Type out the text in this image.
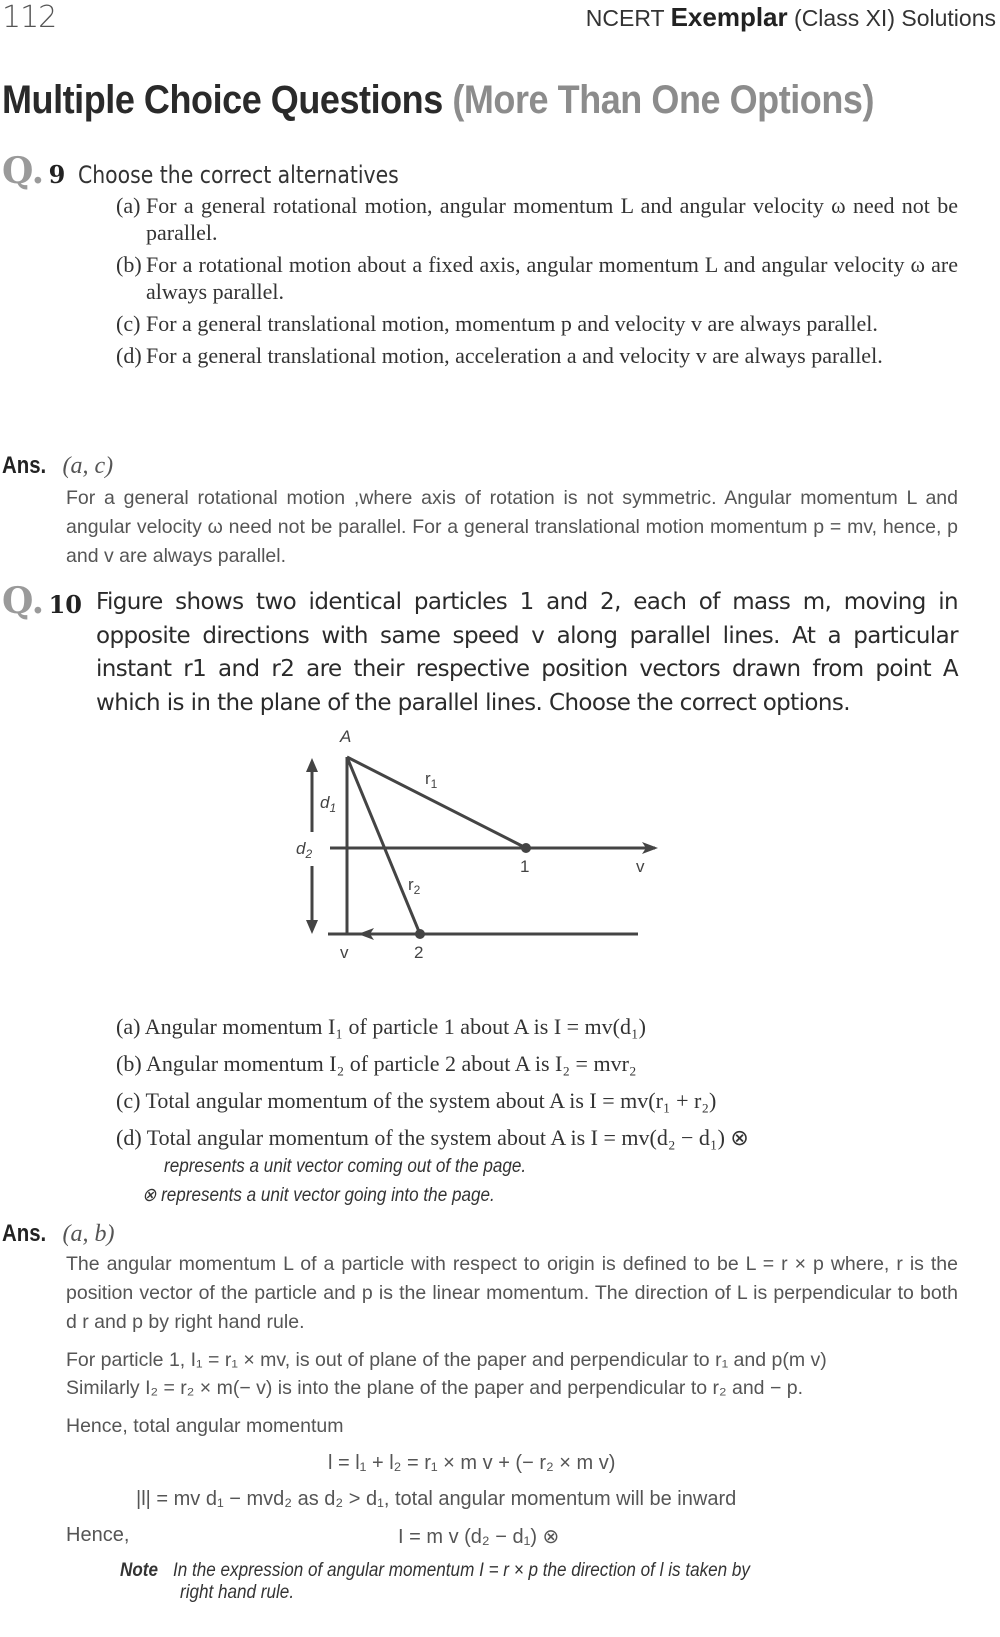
112	NCERT Exemplar (Class XI) Solutions
Multiple Choice Questions (More Than One Options)
Q. 9 Choose the correct alternatives
(a) For a general rotational motion, angular momentum L and angular velocity ω need not be parallel.
(b) For a rotational motion about a fixed axis, angular momentum L and angular velocity ω are always parallel.
(c) For a general translational motion, momentum p and velocity v are always parallel.
(d) For a general translational motion, acceleration a and velocity v are always parallel.
Ans. (a, c)
For a general rotational motion ,where axis of rotation is not symmetric. Angular momentum L and angular velocity ω need not be parallel. For a general translational motion momentum p = mv, hence, p and v are always parallel.
Q. 10 Figure shows two identical particles 1 and 2, each of mass m, moving in opposite directions with same speed v along parallel lines. At a particular instant r1 and r2 are their respective position vectors drawn from point A which is in the plane of the parallel lines. Choose the correct options.
A
$r_1$
$r_2$
$d_1$
$d_2$
1
2
v
v
(a) Angular momentum I₁ of particle 1 about A is I = mv(d₁)
(b) Angular momentum I₂ of particle 2 about A is I₂ = mvr₂
(c) Total angular momentum of the system about A is I = mv(r₁ + r₂)
(d) Total angular momentum of the system about A is I = mv(d₂ − d₁) ⊗
represents a unit vector coming out of the page.
⊗ represents a unit vector going into the page.
Ans. (a, b)
The angular momentum L of a particle with respect to origin is defined to be L = r × p where, r is the position vector of the particle and p is the linear momentum. The direction of L is perpendicular to both d r and p by right hand rule.
For particle 1, I₁ = r₁ × mv, is out of plane of the paper and perpendicular to r₁ and p(m v)
Similarly I₂ = r₂ × m(− v) is into the plane of the paper and perpendicular to r₂ and − p.
Hence, total angular momentum
l = l₁ + l₂ = r₁ × m v + (− r₂ × m v)
|l| = mv d₁ − mvd₂ as d₂ > d₁, total angular momentum will be inward
Hence,	I = m v (d₂ − d₁) ⊗
Note In the expression of angular momentum I = r × p the direction of l is taken by
right hand rule.
